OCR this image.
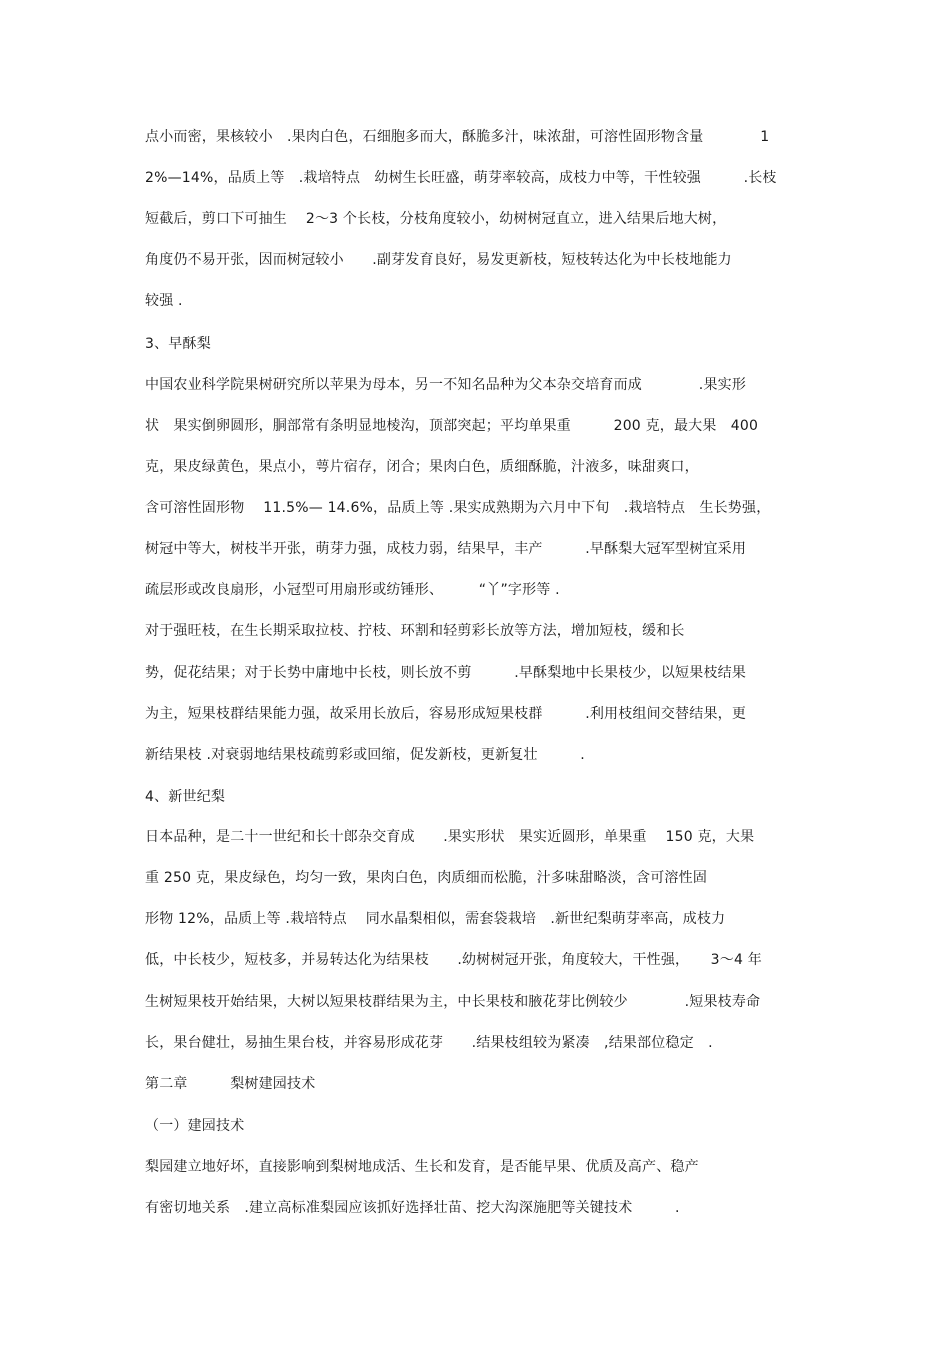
点小而密，果核较小　.果肉白色，石细胞多而大，酥脆多汁，味浓甜，可溶性固形物含量　　　　1
2%—14%，品质上等　.栽培特点　幼树生长旺盛，萌芽率较高，成枝力中等，干性较强　　　.长枝
短截后，剪口下可抽生　 2～3 个长枝，分枝角度较小，幼树树冠直立，进入结果后地大树，
角度仍不易开张，因而树冠较小　　.副芽发育良好，易发更新枝，短枝转达化为中长枝地能力
较强 .
3、早酥梨
中国农业科学院果树研究所以苹果为母本，另一不知名品种为父本杂交培育而成　　　　.果实形
状　果实倒卵圆形，胴部常有条明显地棱沟，顶部突起；平均单果重　　　200 克，最大果　400
克，果皮绿黄色，果点小，萼片宿存，闭合；果肉白色，质细酥脆，汁液多，味甜爽口，
含可溶性固形物　 11.5%— 14.6%，品质上等 .果实成熟期为六月中下旬　.栽培特点　生长势强，
树冠中等大，树枝半开张，萌芽力强，成枝力弱，结果早，丰产　　　.早酥梨大冠军型树宜采用
疏层形或改良扇形，小冠型可用扇形或纺锤形、　　　“丫”字形等 .
对于强旺枝，在生长期采取拉枝、拧枝、环割和轻剪彩长放等方法，增加短枝，缓和长
势，促花结果；对于长势中庸地中长枝，则长放不剪　　　.早酥梨地中长果枝少，以短果枝结果
为主，短果枝群结果能力强，故采用长放后，容易形成短果枝群　　　.利用枝组间交替结果，更
新结果枝 .对衰弱地结果枝疏剪彩或回缩，促发新枝，更新复壮　　　.
4、新世纪梨
日本品种，是二十一世纪和长十郎杂交育成　　.果实形状　果实近圆形，单果重　 150 克，大果
重 250 克，果皮绿色，均匀一致，果肉白色，肉质细而松脆，汁多味甜略淡，含可溶性固
形物 12%，品质上等 .栽培特点　 同水晶梨相似，需套袋栽培　.新世纪梨萌芽率高，成枝力
低，中长枝少，短枝多，并易转达化为结果枝　　.幼树树冠开张，角度较大，干性强，　　3～4 年
生树短果枝开始结果，大树以短果枝群结果为主，中长果枝和腋花芽比例较少　　　　.短果枝寿命
长，果台健壮，易抽生果台枝，并容易形成花芽　　.结果枝组较为紧凑　,结果部位稳定　.
第二章　　　梨树建园技术
（一）建园技术
梨园建立地好坏，直接影响到梨树地成活、生长和发育，是否能早果、优质及高产、稳产
有密切地关系　.建立高标准梨园应该抓好选择壮苗、挖大沟深施肥等关键技术　　　.
